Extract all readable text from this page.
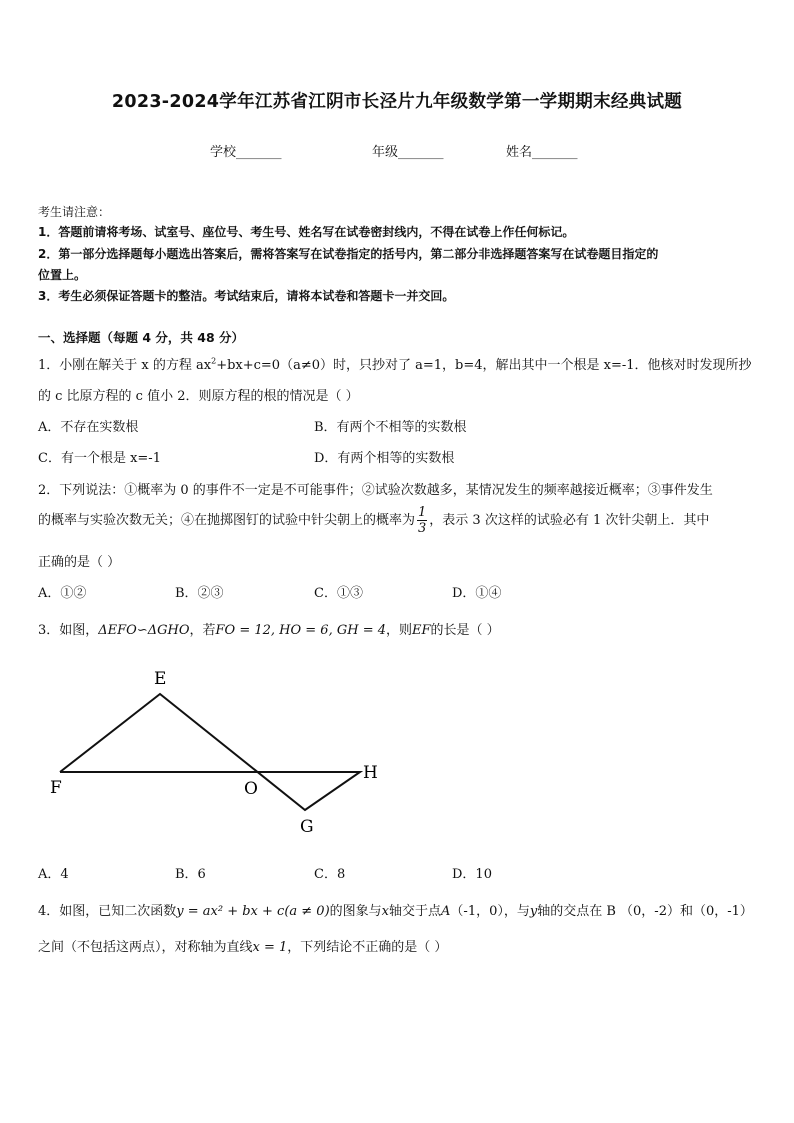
2023-2024学年江苏省江阴市长泾片九年级数学第一学期期末经典试题
学校_______	年级_______	姓名_______
考生请注意：
1．答题前请将考场、试室号、座位号、考生号、姓名写在试卷密封线内，不得在试卷上作任何标记。
2．第一部分选择题每小题选出答案后，需将答案写在试卷指定的括号内，第二部分非选择题答案写在试卷题目指定的
位置上。
3．考生必须保证答题卡的整洁。考试结束后，请将本试卷和答题卡一并交回。
一、选择题（每题 4 分，共 48 分）
1．小刚在解关于 x 的方程 $ax^2+bx+c=0(a\ne 0)$时，只抄对了 a=1，b=4，解出其中一个根是 x=-1．他核对时发现所抄
的 c 比原方程的 c 值小 2．则原方程的根的情况是（ ）
A．不存在实数根	B．有两个不相等的实数根
C．有一个根是 x=-1	D．有两个相等的实数根
2．下列说法：①概率为 0 的事件不一定是不可能事件；②试验次数越多，某情况发生的频率越接近概率；③事件发生
的概率与实验次数无关；④在抛掷图钉的试验中针尖朝上的概率为 $\frac{1}{3}$ ，表示 3 次这样的试验必有 1 次针尖朝上．其中
正确的是（ ）
A．①②	B．②③	C．①③	D．①④
3．如图，ΔEFO∽ΔGHO，若FO = 12, HO = 6, GH = 4，则EF的长是（ ）
E
F	O
H
G
A．4	B．6	C．8	D．10
4．如图，已知二次函数y = ax² + bx + c(a ≠ 0)的图象与x轴交于点A（-1，0），与y轴的交点在 B （0，-2）和（0，-1）
之间（不包括这两点），对称轴为直线x = 1，下列结论不正确的是（ ）
